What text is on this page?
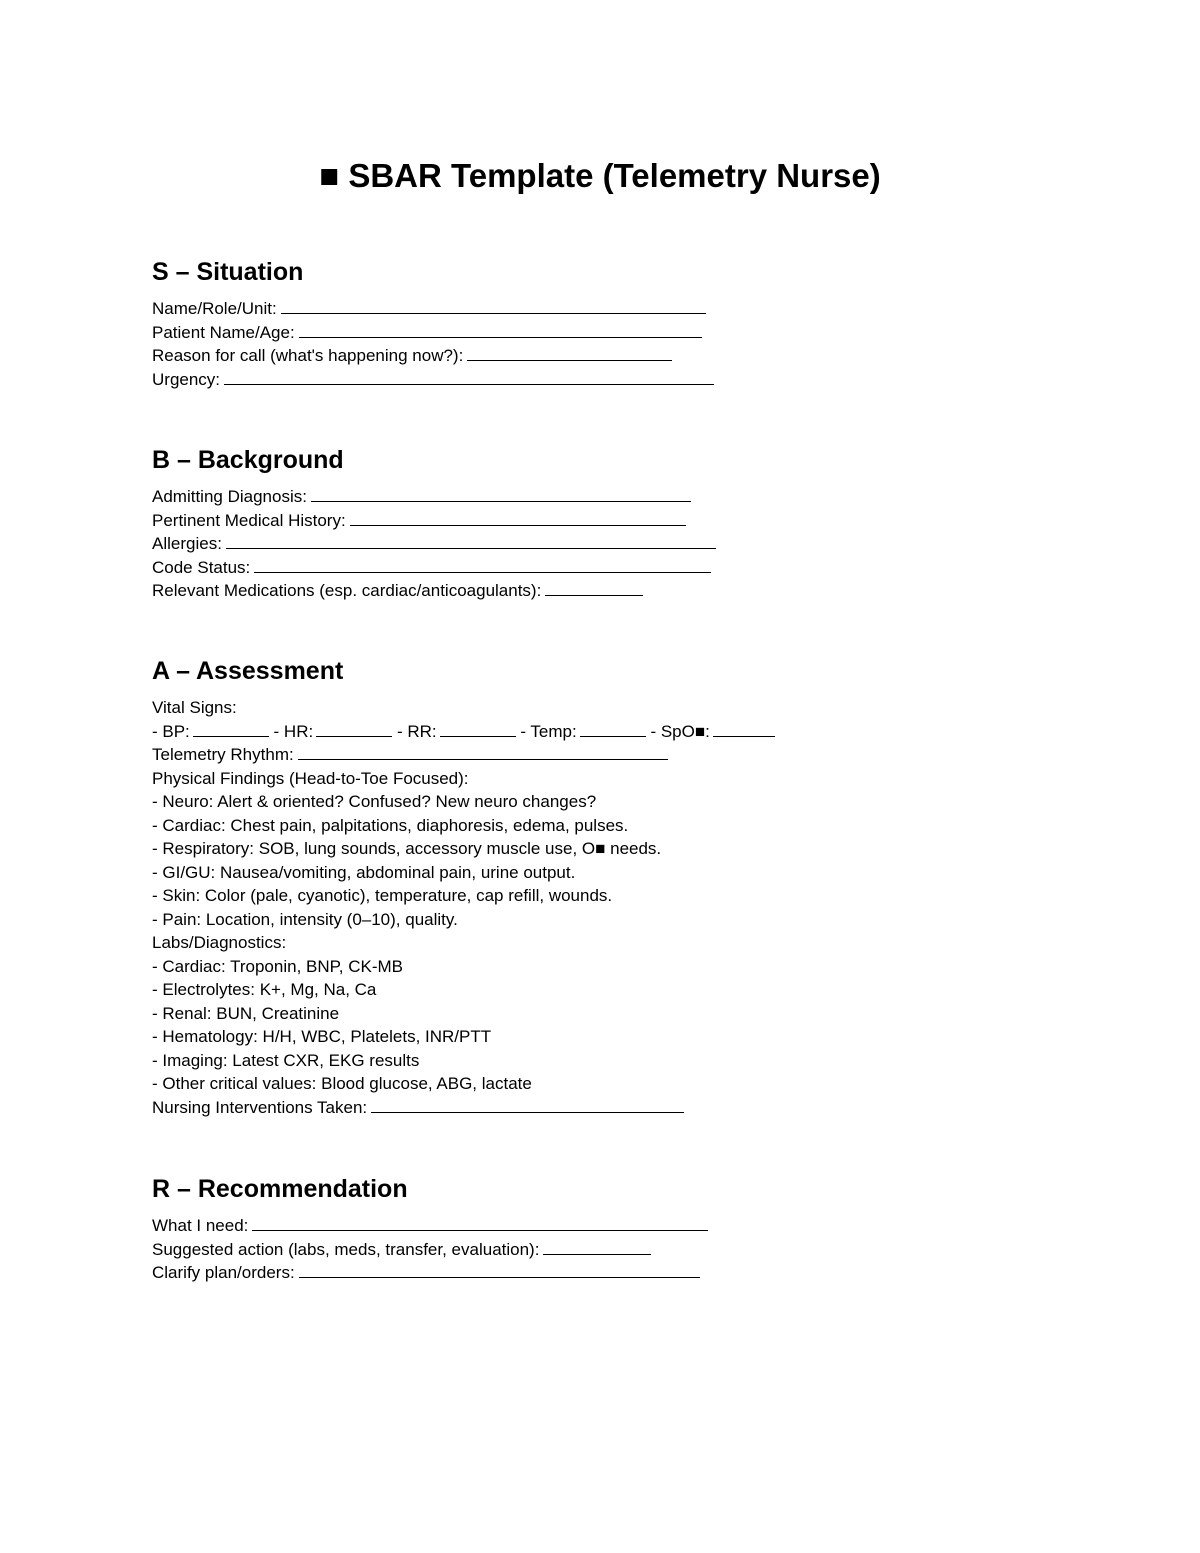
■ SBAR Template (Telemetry Nurse)
S – Situation
Name/Role/Unit:
Patient Name/Age:
Reason for call (what's happening now?):
Urgency:
B – Background
Admitting Diagnosis:
Pertinent Medical History:
Allergies:
Code Status:
Relevant Medications (esp. cardiac/anticoagulants):
A – Assessment
Vital Signs:
- BP:	- HR:	- RR:	- Temp:	- SpO■:
Telemetry Rhythm:
Physical Findings (Head-to-Toe Focused):
- Neuro: Alert & oriented? Confused? New neuro changes?
- Cardiac: Chest pain, palpitations, diaphoresis, edema, pulses.
- Respiratory: SOB, lung sounds, accessory muscle use, O■ needs.
- GI/GU: Nausea/vomiting, abdominal pain, urine output.
- Skin: Color (pale, cyanotic), temperature, cap refill, wounds.
- Pain: Location, intensity (0–10), quality.
Labs/Diagnostics:
- Cardiac: Troponin, BNP, CK-MB
- Electrolytes: K+, Mg, Na, Ca
- Renal: BUN, Creatinine
- Hematology: H/H, WBC, Platelets, INR/PTT
- Imaging: Latest CXR, EKG results
- Other critical values: Blood glucose, ABG, lactate
Nursing Interventions Taken:
R – Recommendation
What I need:
Suggested action (labs, meds, transfer, evaluation):
Clarify plan/orders:
